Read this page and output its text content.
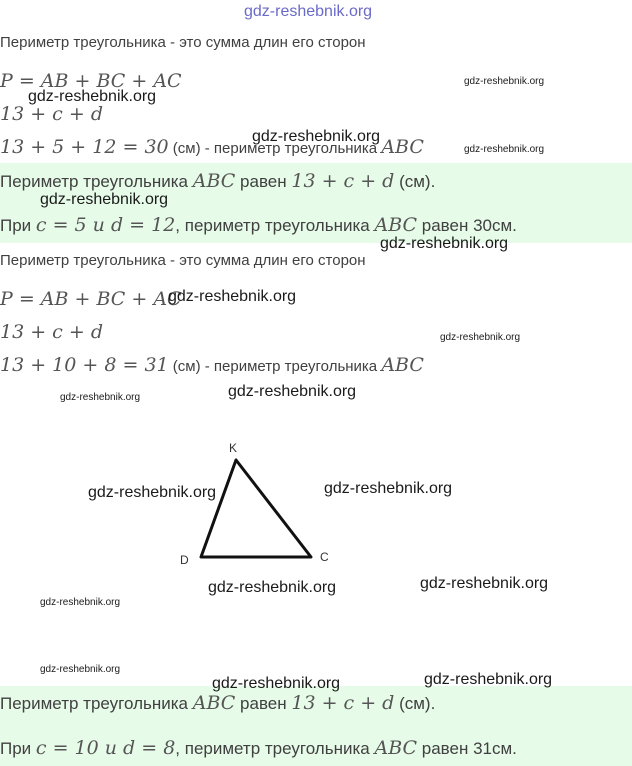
gdz-reshebnik.org
Периметр треугольника - это сумма длин его сторон
P = AB + BC + AC
13 + c + d
13 + 5 + 12 = 30 (см) - периметр треугольника ABC
Периметр треугольника ABC равен 13 + c + d (см).
При c = 5 и d = 12, периметр треугольника ABC равен 30см.
Периметр треугольника - это сумма длин его сторон
P = AB + BC + AC
13 + c + d
13 + 10 + 8 = 31 (см) - периметр треугольника ABC
K
D	C
Периметр треугольника ABC равен 13 + c + d (см).
При c = 10 и d = 8, периметр треугольника ABC равен 31см.
gdz-reshebnik.org
gdz-reshebnik.org
gdz-reshebnik.org
gdz-reshebnik.org
gdz-reshebnik.org
gdz-reshebnik.org
gdz-reshebnik.org
gdz-reshebnik.org
gdz-reshebnik.org
gdz-reshebnik.org
gdz-reshebnik.org	gdz-reshebnik.org
gdz-reshebnik.org	gdz-reshebnik.org
gdz-reshebnik.org
gdz-reshebnik.org
gdz-reshebnik.org
gdz-reshebnik.org
